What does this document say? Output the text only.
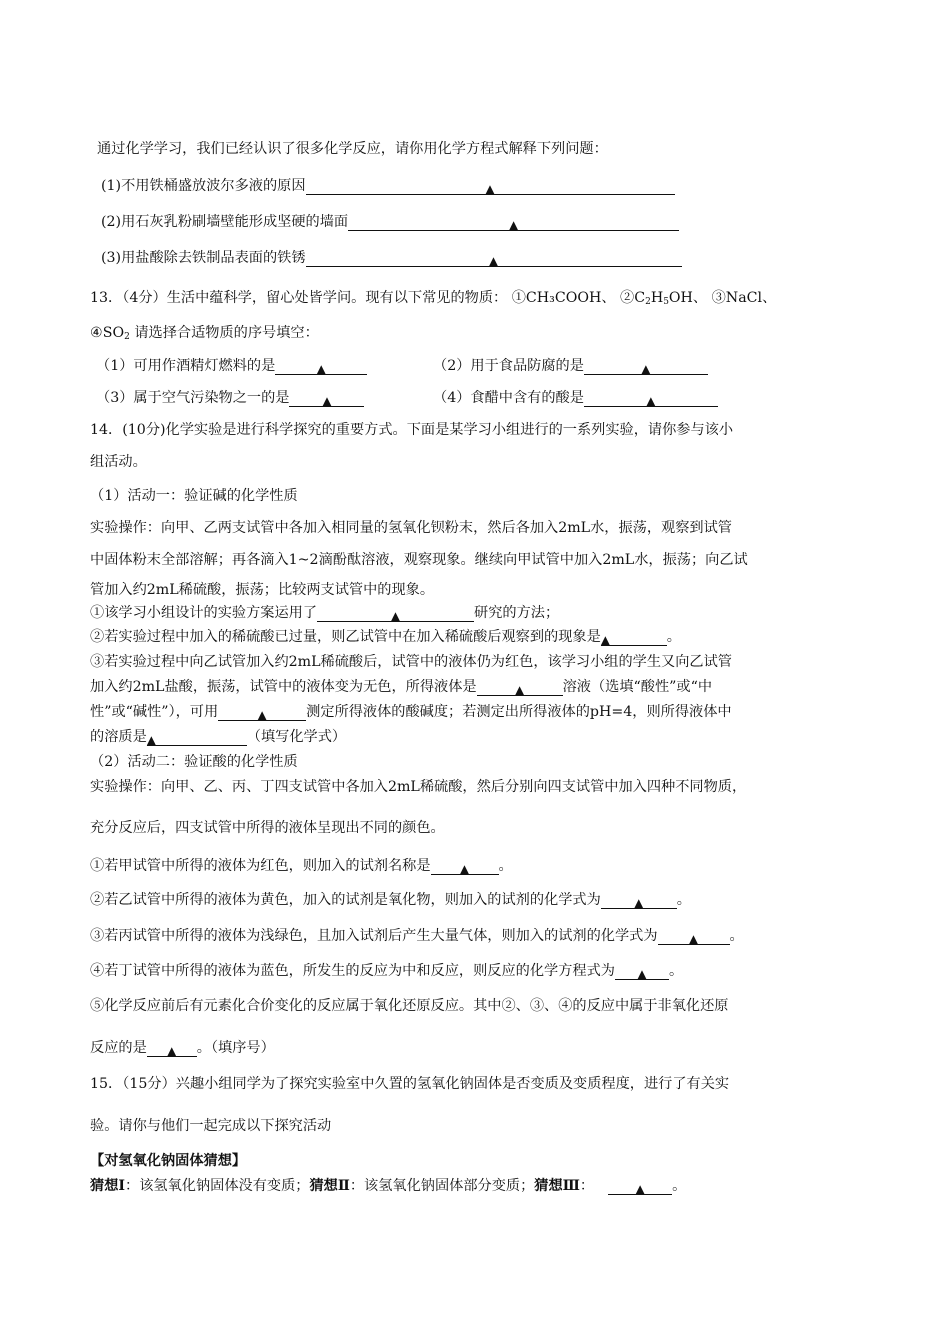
通过化学学习，我们已经认识了很多化学反应，请你用化学方程式解释下列问题：
(1)不用铁桶盛放波尔多液的原因	▲
(2)用石灰乳粉刷墙壁能形成坚硬的墙面	▲
(3)用盐酸除去铁制品表面的铁锈	▲
13．（4分）生活中蕴科学，留心处皆学问。现有以下常见的物质： ①CH₃COOH、 $②C_2H_5OH$、 ③NaCl、
$④SO_2$ 请选择合适物质的序号填空：
（1）可用作酒精灯燃料的是	▲	（2）用于食品防腐的是	▲
（3）属于空气污染物之一的是	▲	（4）食醋中含有的酸是	▲
14．(10分)化学实验是进行科学探究的重要方式。下面是某学习小组进行的一系列实验，请你参与该小
组活动。
（1）活动一：验证碱的化学性质
实验操作：向甲、乙两支试管中各加入相同量的氢氧化钡粉末，然后各加入2mL水，振荡，观察到试管
中固体粉末全部溶解；再各滴入1~2滴酚酞溶液，观察现象。继续向甲试管中加入2mL水，振荡；向乙试
管加入约2mL稀硫酸，振荡；比较两支试管中的现象。
①该学习小组设计的实验方案运用了	▲	研究的方法；
②若实验过程中加入的稀硫酸已过量，则乙试管中在加入稀硫酸后观察到的现象是▲	。
③若实验过程中向乙试管加入约2mL稀硫酸后，试管中的液体仍为红色，该学习小组的学生又向乙试管
加入约2mL盐酸，振荡，试管中的液体变为无色，所得液体是	▲	溶液（选填“酸性”或“中
性”或“碱性”），可用	▲	测定所得液体的酸碱度；若测定出所得液体的pH=4，则所得液体中
的溶质是▲	（填写化学式）
（2）活动二：验证酸的化学性质
实验操作：向甲、乙、丙、丁四支试管中各加入2mL稀硫酸，然后分别向四支试管中加入四种不同物质，
充分反应后，四支试管中所得的液体呈现出不同的颜色。
①若甲试管中所得的液体为红色，则加入的试剂名称是 ▲ 。
②若乙试管中所得的液体为黄色，加入的试剂是氧化物，则加入的试剂的化学式为	▲ 。
③若丙试管中所得的液体为浅绿色，且加入试剂后产生大量气体，则加入的试剂的化学式为	▲ 。
④若丁试管中所得的液体为蓝色，所发生的反应为中和反应，则反应的化学方程式为 ▲ 。
⑤化学反应前后有元素化合价变化的反应属于氧化还原反应。其中②、③、④的反应中属于非氧化还原
反应的是 ▲ 。（填序号）
15．（15分）兴趣小组同学为了探究实验室中久置的氢氧化钠固体是否变质及变质程度，进行了有关实
验。请你与他们一起完成以下探究活动
【对氢氧化钠固体猜想】
猜想Ⅰ：该氢氧化钠固体没有变质；猜想Ⅱ：该氢氧化钠固体部分变质；猜想Ⅲ：	▲ 。
